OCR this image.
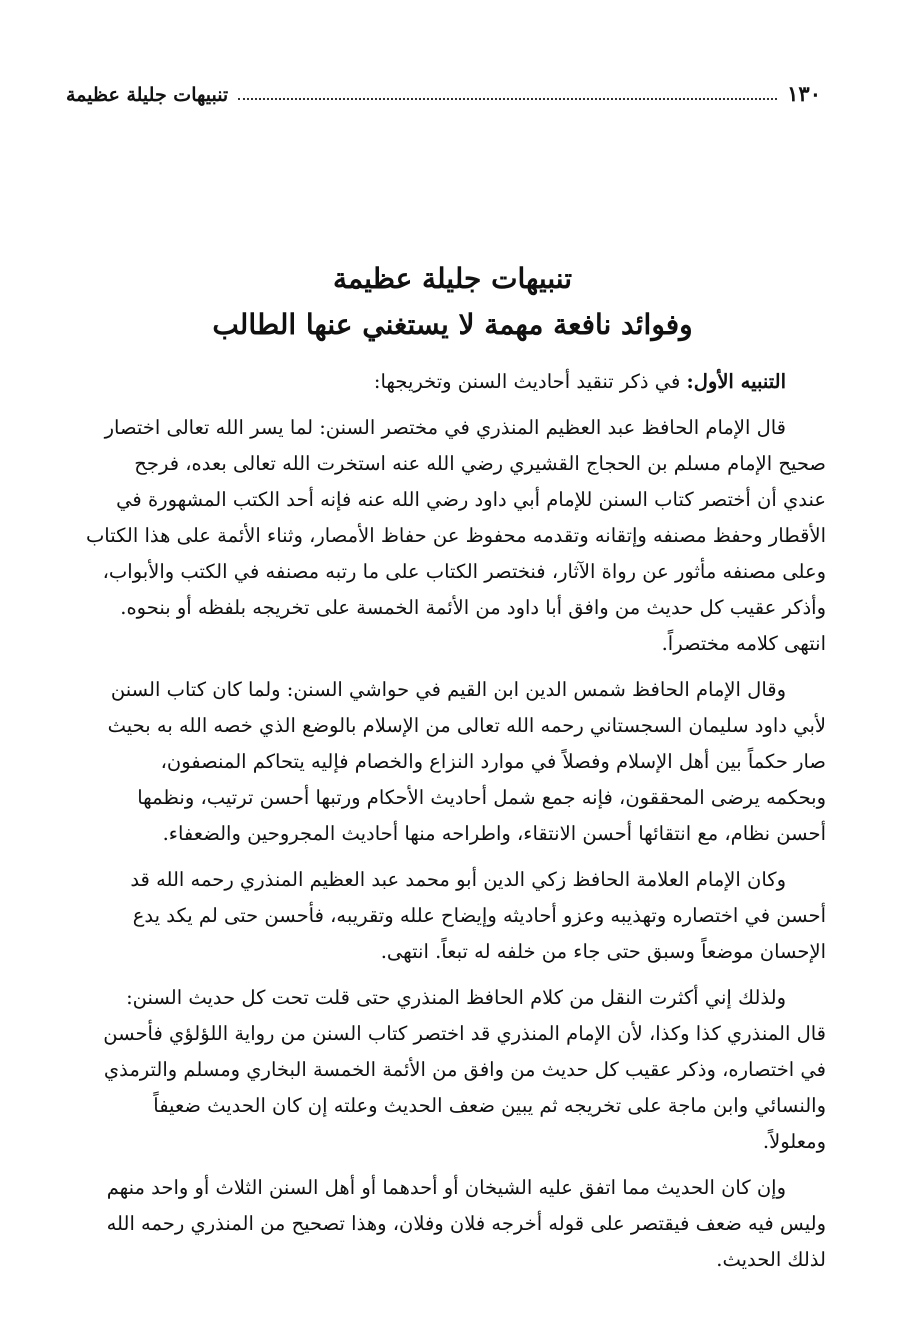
١٣٠
تنبيهات جليلة عظيمة
تنبيهات جليلة عظيمة
وفوائد نافعة مهمة لا يستغني عنها الطالب
التنبيه الأول: في ذكر تنقيد أحاديث السنن وتخريجها:
قال الإمام الحافظ عبد العظيم المنذري في مختصر السنن: لما يسر الله تعالى اختصار
صحيح الإمام مسلم بن الحجاج القشيري رضي الله عنه استخرت الله تعالى بعده، فرجح
عندي أن أختصر كتاب السنن للإمام أبي داود رضي الله عنه فإنه أحد الكتب المشهورة في
الأقطار وحفظ مصنفه وإتقانه وتقدمه محفوظ عن حفاظ الأمصار، وثناء الأئمة على هذا الكتاب
وعلى مصنفه مأثور عن رواة الآثار، فنختصر الكتاب على ما رتبه مصنفه في الكتب والأبواب،
وأذكر عقيب كل حديث من وافق أبا داود من الأئمة الخمسة على تخريجه بلفظه أو بنحوه.
انتهى كلامه مختصراً.
وقال الإمام الحافظ شمس الدين ابن القيم في حواشي السنن: ولما كان كتاب السنن
لأبي داود سليمان السجستاني رحمه الله تعالى من الإسلام بالوضع الذي خصه الله به بحيث
صار حكماً بين أهل الإسلام وفصلاً في موارد النزاع والخصام فإليه يتحاكم المنصفون،
وبحكمه يرضى المحققون، فإنه جمع شمل أحاديث الأحكام ورتبها أحسن ترتيب، ونظمها
أحسن نظام، مع انتقائها أحسن الانتقاء، واطراحه منها أحاديث المجروحين والضعفاء.
وكان الإمام العلامة الحافظ زكي الدين أبو محمد عبد العظيم المنذري رحمه الله قد
أحسن في اختصاره وتهذيبه وعزو أحاديثه وإيضاح علله وتقريبه، فأحسن حتى لم يكد يدع
الإحسان موضعاً وسبق حتى جاء من خلفه له تبعاً. انتهى.
ولذلك إني أكثرت النقل من كلام الحافظ المنذري حتى قلت تحت كل حديث السنن:
قال المنذري كذا وكذا، لأن الإمام المنذري قد اختصر كتاب السنن من رواية اللؤلؤي فأحسن
في اختصاره، وذكر عقيب كل حديث من وافق من الأئمة الخمسة البخاري ومسلم والترمذي
والنسائي وابن ماجة على تخريجه ثم يبين ضعف الحديث وعلته إن كان الحديث ضعيفاً
ومعلولاً.
وإن كان الحديث مما اتفق عليه الشيخان أو أحدهما أو أهل السنن الثلاث أو واحد منهم
وليس فيه ضعف فيقتصر على قوله أخرجه فلان وفلان، وهذا تصحيح من المنذري رحمه الله
لذلك الحديث.
